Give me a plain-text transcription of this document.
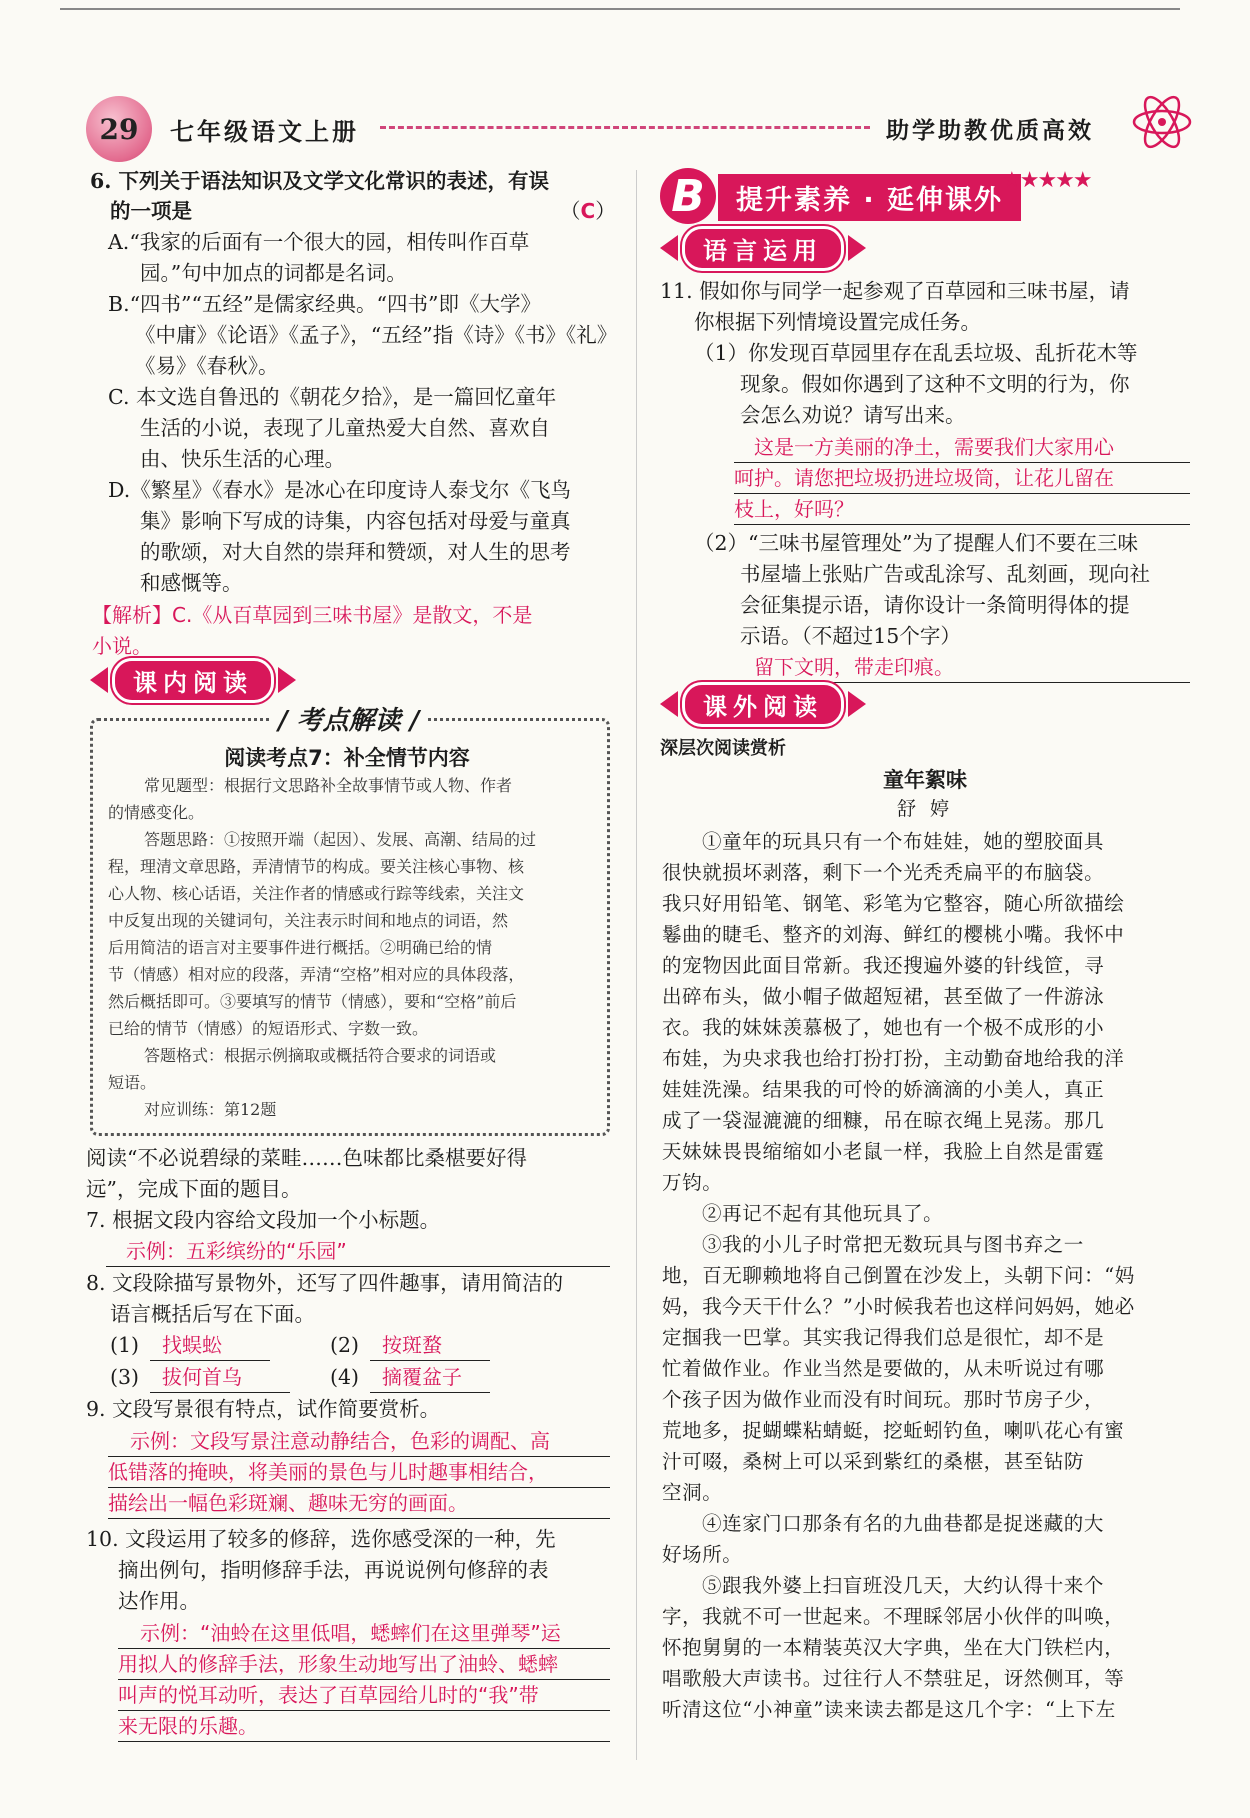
29 七年级语文上册	助学助教优质高效
6. 下列关于语法知识及文学文化常识的表述，有误
的一项是	（C）
A.“我家的后面有一个很大的园，相传叫作百草
园。”句中加点的词都是名词。
B.“四书”“五经”是儒家经典。“四书”即《大学》
《中庸》《论语》《孟子》，“五经”指《诗》《书》《礼》
《易》《春秋》。
C. 本文选自鲁迅的《朝花夕拾》，是一篇回忆童年
生活的小说，表现了儿童热爱大自然、喜欢自
由、快乐生活的心理。
D.《繁星》《春水》是冰心在印度诗人泰戈尔《飞鸟
集》影响下写成的诗集，内容包括对母爱与童真
的歌颂，对大自然的崇拜和赞颂，对人生的思考
和感慨等。
【解析】C.《从百草园到三味书屋》是散文，不是
小说。
课内阅读
/ 考点解读 /
阅读考点7：补全情节内容
常见题型：根据行文思路补全故事情节或人物、作者
的情感变化。
答题思路：①按照开端（起因）、发展、高潮、结局的过
程，理清文章思路，弄清情节的构成。要关注核心事物、核
心人物、核心话语，关注作者的情感或行踪等线索，关注文
中反复出现的关键词句，关注表示时间和地点的词语，然
后用简洁的语言对主要事件进行概括。②明确已给的情
节（情感）相对应的段落，弄清“空格”相对应的具体段落，
然后概括即可。③要填写的情节（情感），要和“空格”前后
已给的情节（情感）的短语形式、字数一致。
答题格式：根据示例摘取或概括符合要求的词语或
短语。
对应训练：第12题
阅读“不必说碧绿的菜畦……色味都比桑椹要好得
远”，完成下面的题目。
7. 根据文段内容给文段加一个小标题。
示例：五彩缤纷的“乐园”
8. 文段除描写景物外，还写了四件趣事，请用简洁的
语言概括后写在下面。
(1)	找蜈蚣	(2)	按斑蝥
(3)	拔何首乌	(4)	摘覆盆子
9. 文段写景很有特点，试作简要赏析。
示例：文段写景注意动静结合，色彩的调配、高
低错落的掩映，将美丽的景色与儿时趣事相结合，
描绘出一幅色彩斑斓、趣味无穷的画面。
10. 文段运用了较多的修辞，选你感受深的一种，先
摘出例句，指明修辞手法，再说说例句修辞的表
达作用。
示例：“油蛉在这里低唱，蟋蟀们在这里弹琴”运
用拟人的修辞手法，形象生动地写出了油蛉、蟋蟀
叫声的悦耳动听，表达了百草园给儿时的“我”带
来无限的乐趣。
B	提升素养 · 延伸课外
★★★★★
语言运用
11. 假如你与同学一起参观了百草园和三味书屋，请
你根据下列情境设置完成任务。
（1）你发现百草园里存在乱丢垃圾、乱折花木等
现象。假如你遇到了这种不文明的行为，你
会怎么劝说？请写出来。
这是一方美丽的净土，需要我们大家用心
呵护。请您把垃圾扔进垃圾筒，让花儿留在
枝上，好吗？
（2）“三味书屋管理处”为了提醒人们不要在三味
书屋墙上张贴广告或乱涂写、乱刻画，现向社
会征集提示语，请你设计一条简明得体的提
示语。（不超过15个字）
留下文明，带走印痕。
课外阅读
深层次阅读赏析
童年絮味
舒 婷
①童年的玩具只有一个布娃娃，她的塑胶面具
很快就损坏剥落，剩下一个光秃秃扁平的布脑袋。
我只好用铅笔、钢笔、彩笔为它整容，随心所欲描绘
鬈曲的睫毛、整齐的刘海、鲜红的樱桃小嘴。我怀中
的宠物因此面目常新。我还搜遍外婆的针线笸，寻
出碎布头，做小帽子做超短裙，甚至做了一件游泳
衣。我的妹妹羡慕极了，她也有一个极不成形的小
布娃，为央求我也给打扮打扮，主动勤奋地给我的洋
娃娃洗澡。结果我的可怜的娇滴滴的小美人，真正
成了一袋湿漉漉的细糠，吊在晾衣绳上晃荡。那几
天妹妹畏畏缩缩如小老鼠一样，我脸上自然是雷霆
万钧。
②再记不起有其他玩具了。
③我的小儿子时常把无数玩具与图书弃之一
地，百无聊赖地将自己倒置在沙发上，头朝下问：“妈
妈，我今天干什么？”小时候我若也这样问妈妈，她必
定掴我一巴掌。其实我记得我们总是很忙，却不是
忙着做作业。作业当然是要做的，从未听说过有哪
个孩子因为做作业而没有时间玩。那时节房子少，
荒地多，捉蝴蝶粘蜻蜓，挖蚯蚓钓鱼，喇叭花心有蜜
汁可啜，桑树上可以采到紫红的桑椹，甚至钻防
空洞。
④连家门口那条有名的九曲巷都是捉迷藏的大
好场所。
⑤跟我外婆上扫盲班没几天，大约认得十来个
字，我就不可一世起来。不理睬邻居小伙伴的叫唤，
怀抱舅舅的一本精装英汉大字典，坐在大门铁栏内，
唱歌般大声读书。过往行人不禁驻足，讶然侧耳，等
听清这位“小神童”读来读去都是这几个字：“上下左
